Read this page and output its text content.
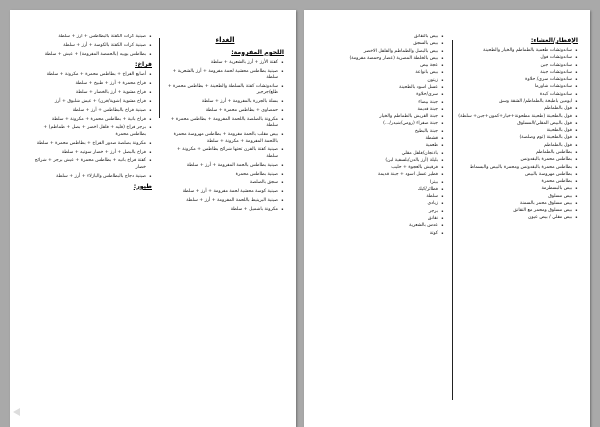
الغداء
اللحوم المفرومة:
• كفتة الأرز + أرز بالشعرية + سلطة
• صينية بطاطس محشية لحمة مفرومة + أرز بالشعرية + سلطة
• ساندوتشات كفتة بالسلطة والطحينة + بطاطس محمرة + طلع/جرجير
• بسلة بالجزرة بالمفرومة + أرز + سلطة
• حمصاوي + بطاطس محمرة + سلطة
• مكرونة بالصلصة باللحمة المفرومة + بطاطس محمرة + سلطة
• بيض مقلب بالحمة مفرومة + بطاطس مهروسة محمرة باللحمة المفرومة + مكرونة + سلطة
• صينية كفتة بالفرن تحتها شرائح بطاطس + مكرونة + سلطة
• صينية بطاطس بالحمة المفرومة + أرز + سلطة
• صينية بطاطس محمرة
• سجق بالصلصة
• صينية كوسة محشية لحمة مفرومة + أرز + سلطة
• صينية البرينيط باللحمة المفرومة + أرز + سلطة
• مكرونة باشميل + سلطة
• صينية كرات الكفتة بالبطاطس + أرز + سلطة
• صينية كرات الكفتة بالكوسة + أرز + سلطة
• بطاطس بوبيه (بالحمضة المفرومة) + عيش + سلطة
فراخ:
• أصابع الفراخ + بطاطس محمرة + مكرونة + سلطة
• فراخ محمرة + أرز + طبيخ + سلطة
• فراخ مشوية + أرز بالخضار + سلطة
• فراخ مشوية (شوية/فرن) + عيش شلبوق + أرز
• صينية فراخ بالبطاطس + أرز + سلطة
• فراخ بانية + بطاطس محمرة + مكرونة + سلطة
• برجر فراخ (فليه + فلفل اخضر + بصل + طماطم) + بطاطس محمرة
• مكرونة بصلصة صدور الفراخ + بطاطس محمرة + سلطة
• فراخ بالبصل + أرز + خضار سوتيه + سلطة
• كفتة فراخ بانيه + بطاطس محمرة + عيش برجر + شرائح خضار
• صينية دجاج بالبطاطس والبازلاء + أرز + سلطة
طيور:
الإفطار/العشاء:
• ساندوتشات طعمية بالطماطم والخيار والطحينة
• ساندوتشات فول
• ساندوتشات جبن
• ساندوتشات جبنة
• ساندوتشات سرى/ حلاوة
• ساندوتشات شاورما
• ساندوتشات كبدة
• ايومين باطبخة بالطماطم/ الشقة وسق
• فول بالطماطم
• فول بالطحينة (طحينة مطحونة+خيار+كمون+جبن+ سلطة)
• فول بالبيض المقلي/المسلوق
• فول بالطحينة
• فول بالطحينة (ثوم وصلصة)
• فول بالطماطم
• بطاطس بالطماطم
• بطاطس محمرة بالبقدونس
• بطاطس محمرة بالبقدونس ومحمرة بالبيض والبسماط
• بطاطس مهروسة بالبيض
• بطاطس محمرة
• بيض بالبسطرمة
• بيض مسلوق
• بيض مسلوق محمر بالسمنة
• بيض مسلوق ومحمر مع النقانق
• بيض مقلي / بيض عيون
• بيض بالنقانق
• بيض بالسجق
• بيض بالبصل والطماطم والفلفل الاخضر
• بيض بالخلطة المصرية (عضار وحمضة مفرومة)
• عجة بيض
• بيض بانواعة
• زيتون
• عسل اسود بالطحينة
• سرى/حلاوة
• جبنة بيضاء
• جبنة قديمة
• جبنة القريش بالطماطم والخيار
• جبنة صفراء (رومي/شيدر/...)
• جبنة بالبطيخ
• قشطة
• طعمية
• باذنجان/فلفل مقلي
• بليلة (أرز بالدن/بلسفية لبن)
• فرقيش بالعجوة + حليب
• فطير عسل اسود + جبنة قديمة
• بيتزا
• فطائر/كيك
• سلطة
• زبادي
• برجر
• نقانق
• عدس بالشعرية
• كوتة
